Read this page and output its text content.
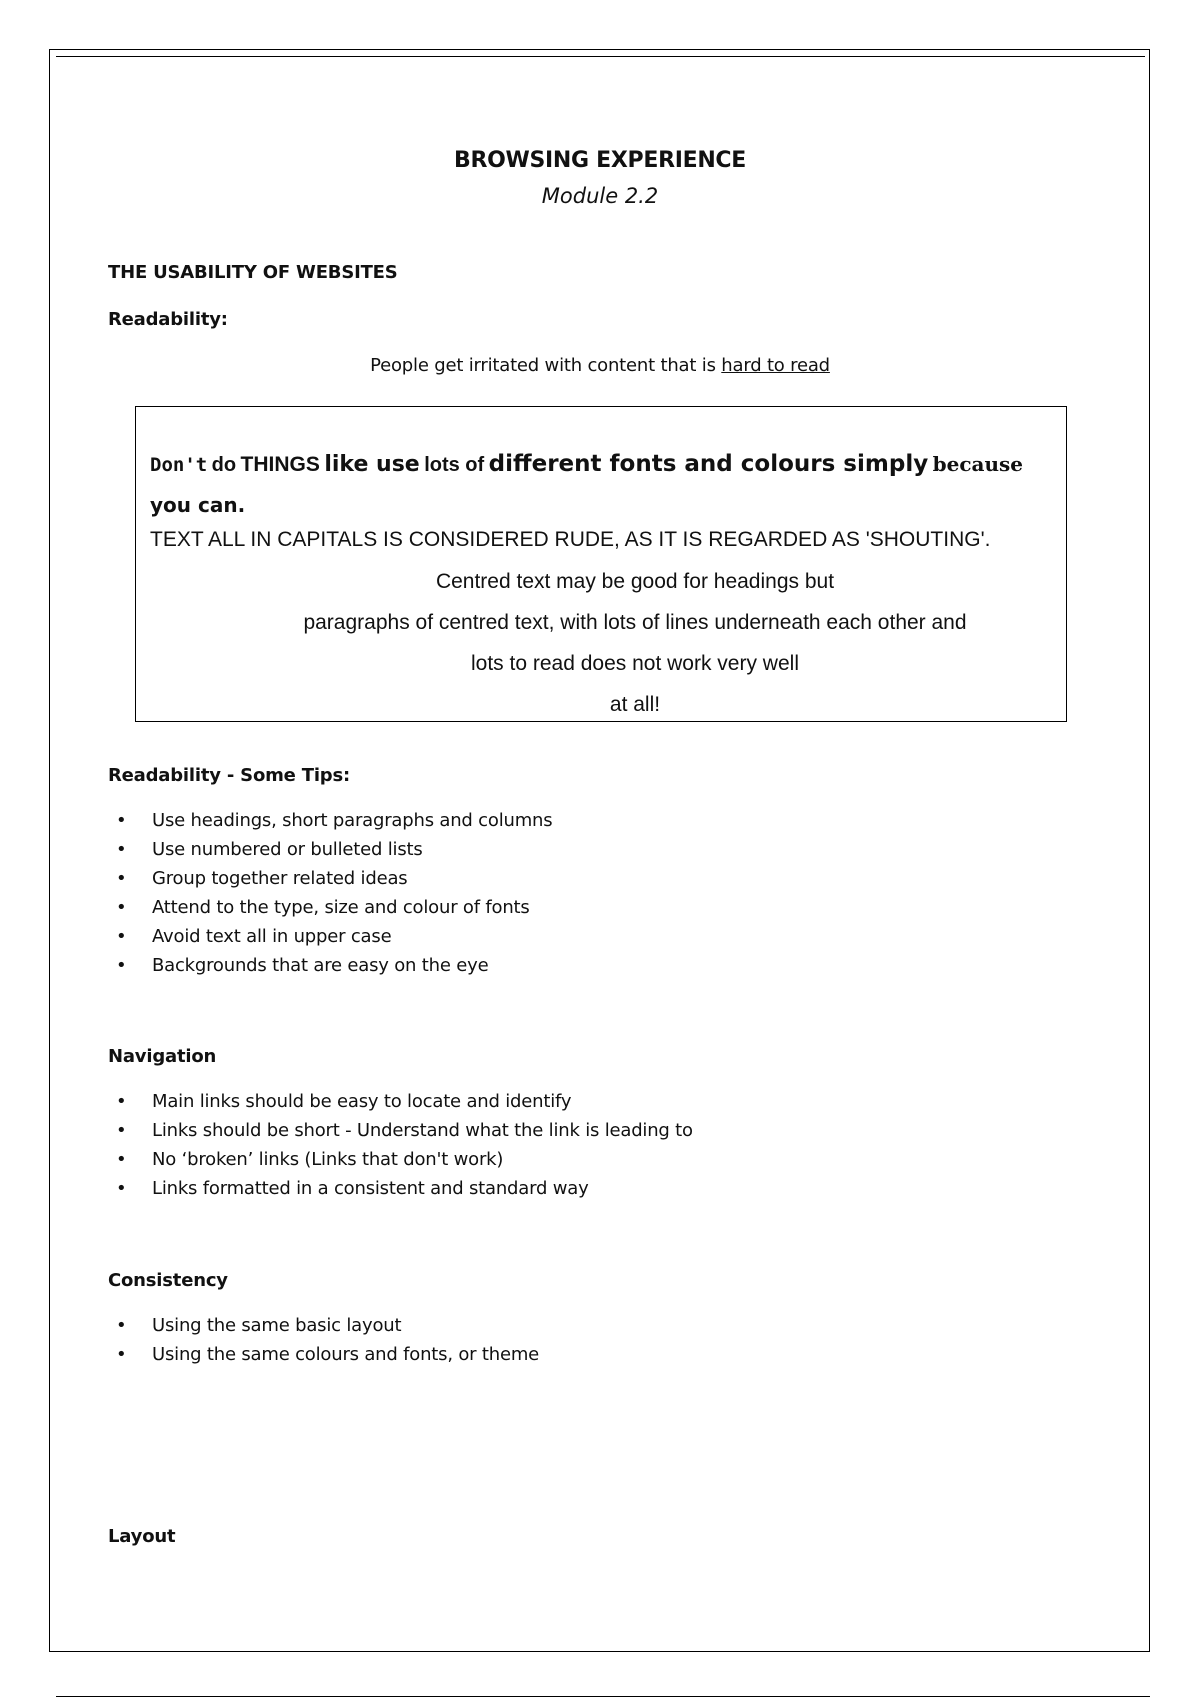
BROWSING EXPERIENCE
Module 2.2
THE USABILITY OF WEBSITES
Readability:
People get irritated with content that is hard to read
Don't do THINGS like use lots of different fonts and colours simply because you can.
TEXT ALL IN CAPITALS IS CONSIDERED RUDE, AS IT IS REGARDED AS 'SHOUTING'.
Centred text may be good for headings but
paragraphs of centred text, with lots of lines underneath each other and
lots to read does not work very well
at all!
Readability - Some Tips:
• Use headings, short paragraphs and columns
• Use numbered or bulleted lists
• Group together related ideas
• Attend to the type, size and colour of fonts
• Avoid text all in upper case
• Backgrounds that are easy on the eye
Navigation
• Main links should be easy to locate and identify
• Links should be short - Understand what the link is leading to
• No ‘broken’ links (Links that don't work)
• Links formatted in a consistent and standard way
Consistency
• Using the same basic layout
• Using the same colours and fonts, or theme
Layout
